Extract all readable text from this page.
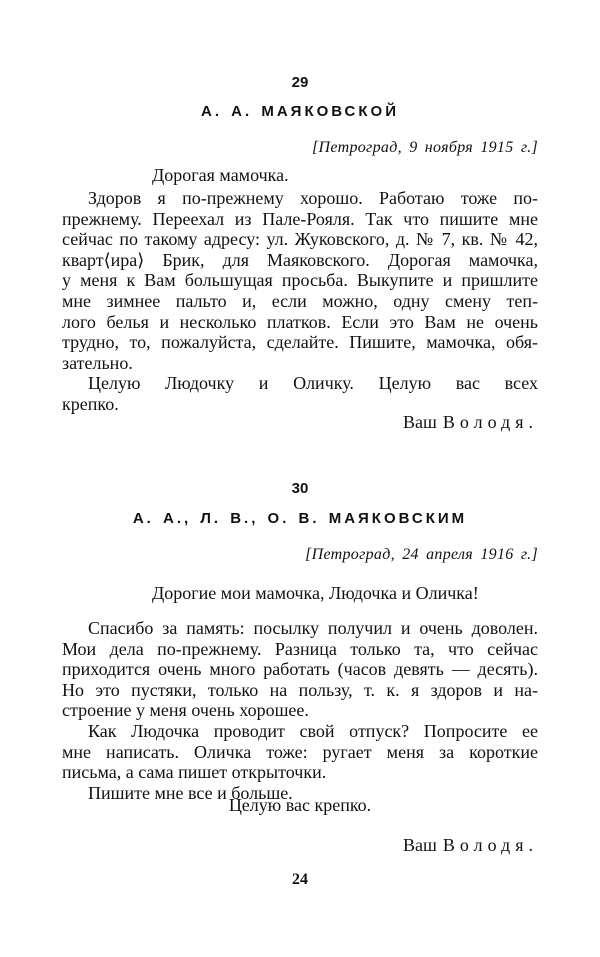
29
А. А. МАЯКОВСКОЙ
[Петроград, 9 ноября 1915 г.]
Дорогая мамочка.
Здоров я по-прежнему хорошо. Работаю тоже по-
прежнему. Переехал из Пале-Рояля. Так что пишите мне
сейчас по такому адресу: ул. Жуковского, д. № 7, кв. № 42,
кварт⟨ира⟩ Брик, для Маяковского. Дорогая мамочка,
у меня к Вам большущая просьба. Выкупите и пришлите
мне зимнее пальто и, если можно, одну смену теп-
лого белья и несколько платков. Если это Вам не очень
трудно, то, пожалуйста, сделайте. Пишите, мамочка, обя-
зательно.
Целую Людочку и Оличку. Целую вас всех
крепко.
Ваш Володя.
30
А. А., Л. В., О. В. МАЯКОВСКИМ
[Петроград, 24 апреля 1916 г.]
Дорогие мои мамочка, Людочка и Оличка!
Спасибо за память: посылку получил и очень доволен.
Мои дела по-прежнему. Разница только та, что сейчас
приходится очень много работать (часов девять — десять).
Но это пустяки, только на пользу, т. к. я здоров и на-
строение у меня очень хорошее.
Как Людочка проводит свой отпуск? Попросите ее
мне написать. Оличка тоже: ругает меня за короткие
письма, а сама пишет открыточки.
Пишите мне все и больше.
Целую вас крепко.
Ваш Володя.
24
